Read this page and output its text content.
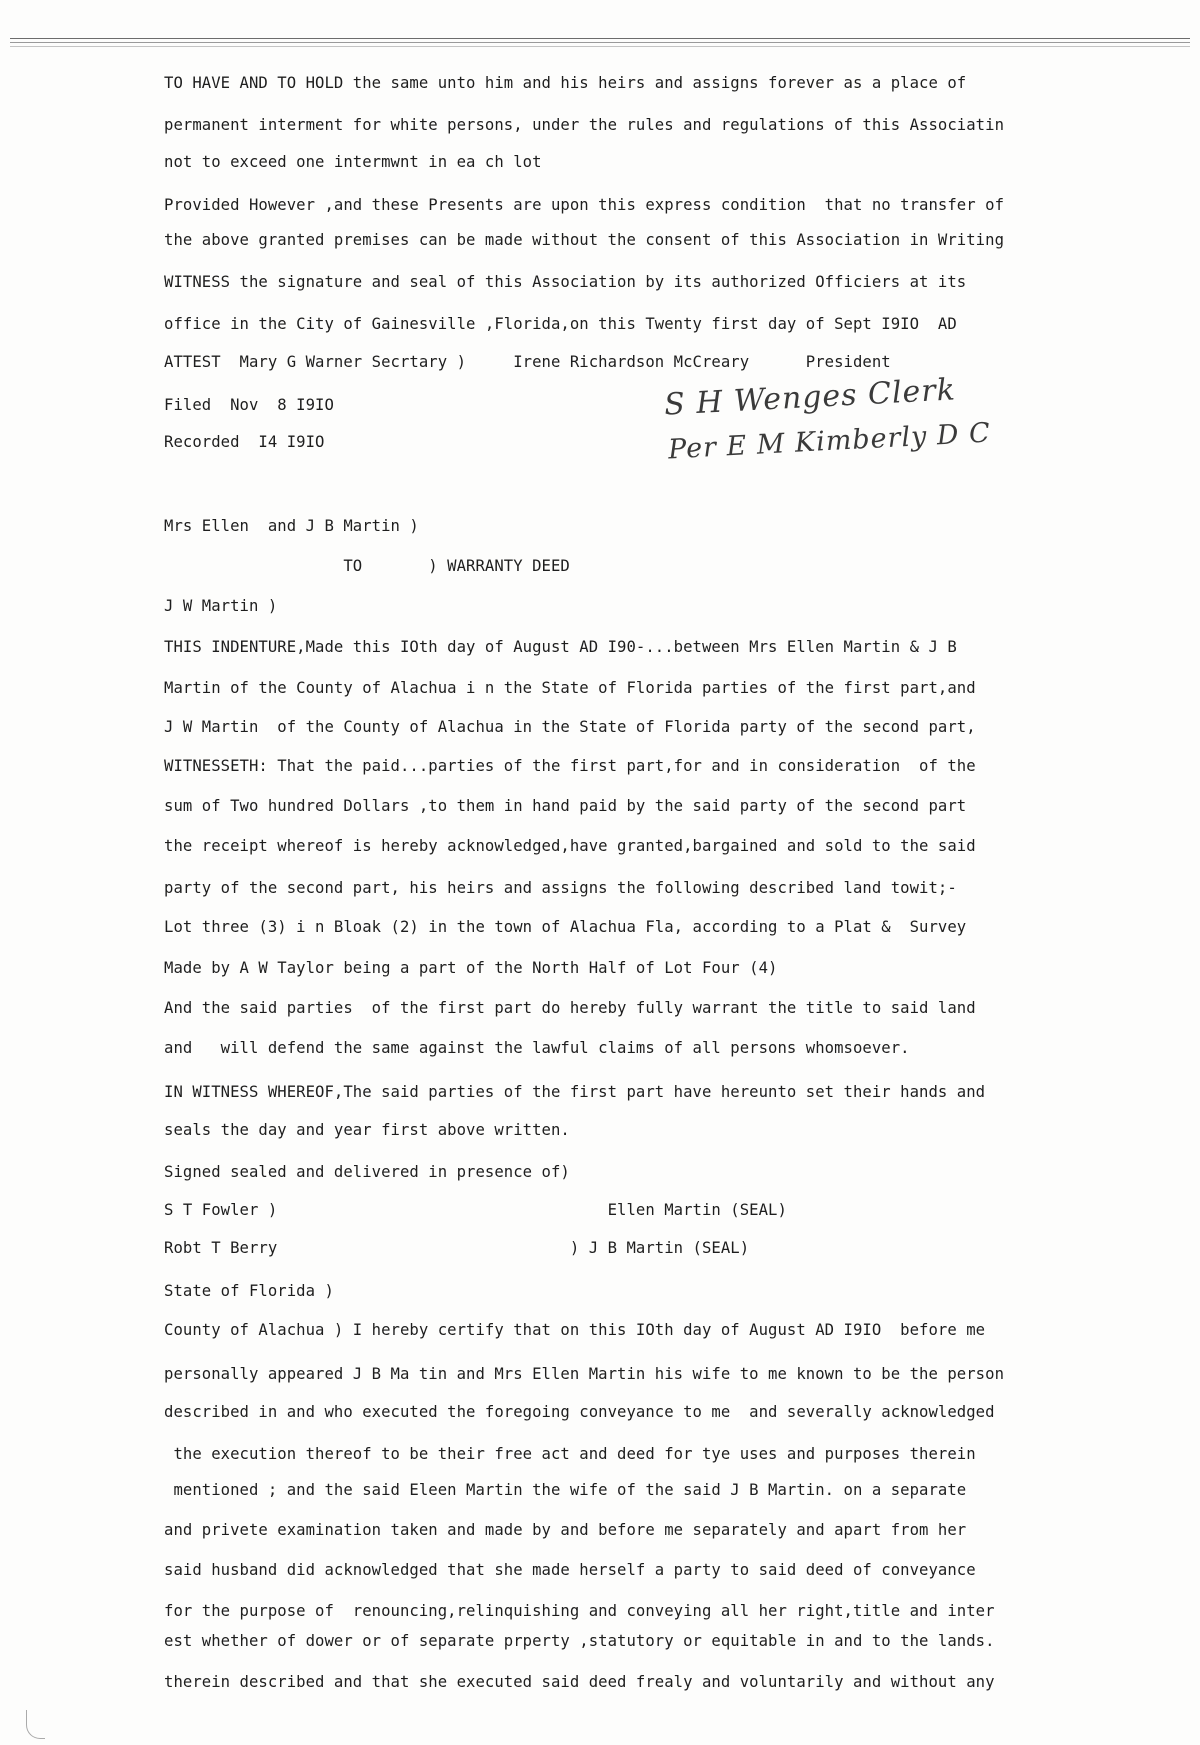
TO HAVE AND TO HOLD the same unto him and his heirs and assigns forever as a place of

permanent interment for white persons, under the rules and regulations of this Associatin

not to exceed one intermwnt in ea ch lot

Provided However ,and these Presents are upon this express condition  that no transfer of

the above granted premises can be made without the consent of this Association in Writing

WITNESS the signature and seal of this Association by its authorized Officiers at its

office in the City of Gainesville ,Florida,on this Twenty first day of Sept I9IO  AD

ATTEST  Mary G Warner Secrtary )     Irene Richardson McCreary      President

Filed  Nov  8 I9IO

Recorded  I4 I9IO

S H Wenges Clerk
Per E M Kimberly D C

Mrs Ellen  and J B Martin )

TO       ) WARRANTY DEED

J W Martin )

THIS INDENTURE,Made this IOth day of August AD I90-...between Mrs Ellen Martin & J B

Martin of the County of Alachua i n the State of Florida parties of the first part,and

J W Martin  of the County of Alachua in the State of Florida party of the second part,

WITNESSETH: That the paid...parties of the first part,for and in consideration  of the

sum of Two hundred Dollars ,to them in hand paid by the said party of the second part

the receipt whereof is hereby acknowledged,have granted,bargained and sold to the said

party of the second part, his heirs and assigns the following described land towit;-

Lot three (3) i n Bloak (2) in the town of Alachua Fla, according to a Plat &  Survey

Made by A W Taylor being a part of the North Half of Lot Four (4)

And the said parties  of the first part do hereby fully warrant the title to said land

and   will defend the same against the lawful claims of all persons whomsoever.

IN WITNESS WHEREOF,The said parties of the first part have hereunto set their hands and

seals the day and year first above written.

Signed sealed and delivered in presence of)

S T Fowler )                                   Ellen Martin (SEAL)

Robt T Berry                               ) J B Martin (SEAL)

State of Florida )

County of Alachua ) I hereby certify that on this IOth day of August AD I9IO  before me

personally appeared J B Ma tin and Mrs Ellen Martin his wife to me known to be the person

described in and who executed the foregoing conveyance to me  and severally acknowledged

the execution thereof to be their free act and deed for tye uses and purposes therein

mentioned ; and the said Eleen Martin the wife of the said J B Martin. on a separate

and privete examination taken and made by and before me separately and apart from her

said husband did acknowledged that she made herself a party to said deed of conveyance

for the purpose of  renouncing,relinquishing and conveying all her right,title and inter

est whether of dower or of separate prperty ,statutory or equitable in and to the lands.

therein described and that she executed said deed frealy and voluntarily and without any
